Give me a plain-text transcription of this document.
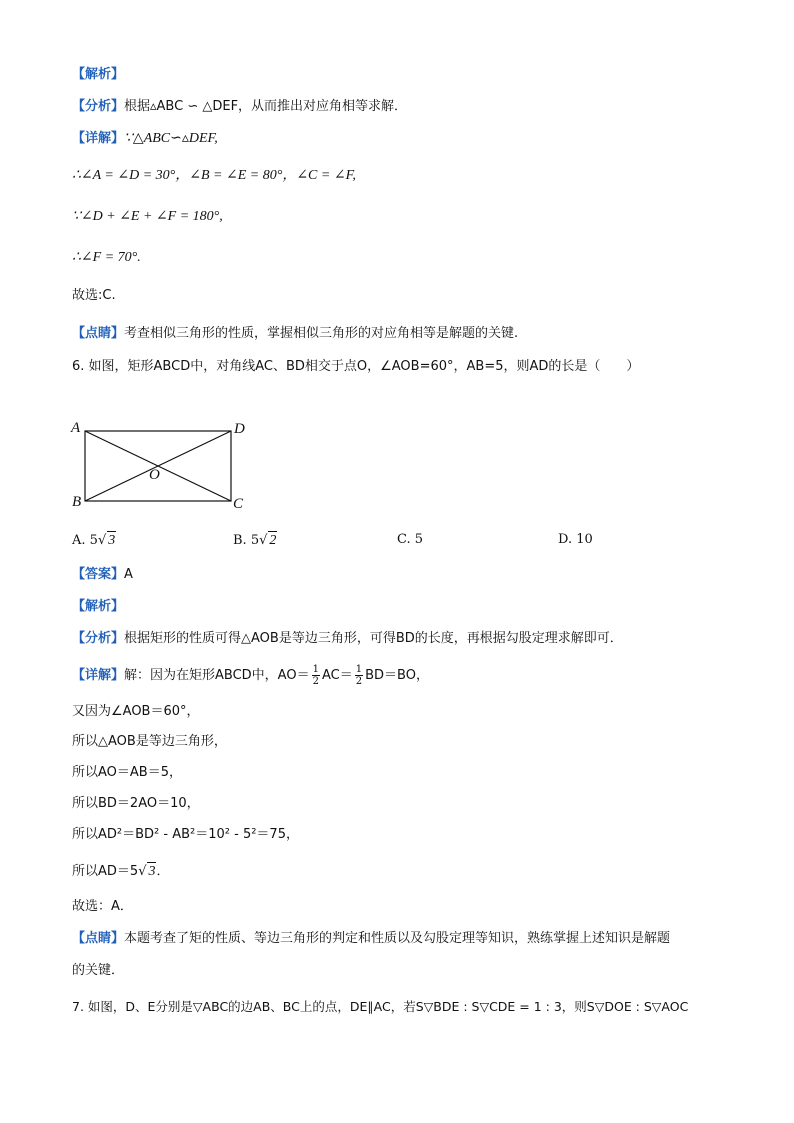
【解析】
【分析】根据▵ABC ∽ △DEF，从而推出对应角相等求解．
【详解】∵△ABC∽▵DEF,
∴∠A = ∠D = 30°，∠B = ∠E = 80°，∠C = ∠F,
∵∠D + ∠E + ∠F = 180°,
∴∠F = 70°.
故选:C.
【点睛】考查相似三角形的性质，掌握相似三角形的对应角相等是解题的关键.
6. 如图，矩形ABCD中，对角线AC、BD相交于点O，∠AOB=60°，AB=5，则AD的长是（　　）
A	D
B	C
O
A. 5√ 3	B. 5√ 2	C. 5	D. 10
【答案】A
【解析】
【分析】根据矩形的性质可得△AOB是等边三角形，可得BD的长度，再根据勾股定理求解即可．
【详解】解：因为在矩形ABCD中，$AO= \frac{1}{2} AC= \frac{1}{2} BD=BO$，
又因为∠AOB＝60°，
所以△AOB是等边三角形，
所以AO＝AB＝5，
所以BD＝2AO＝10，
所以AD²＝BD² - AB²＝10² - 5²＝75，
所以AD＝5√ 3．
故选：A．
【点睛】本题考查了矩的性质、等边三角形的判定和性质以及勾股定理等知识，熟练掌握上述知识是解题
的关键．
7. 如图，D、E分别是▽ABC的边AB、BC上的点，DE∥AC，若S▽BDE : S▽CDE = 1 : 3，则S▽DOE : S▽AOC
